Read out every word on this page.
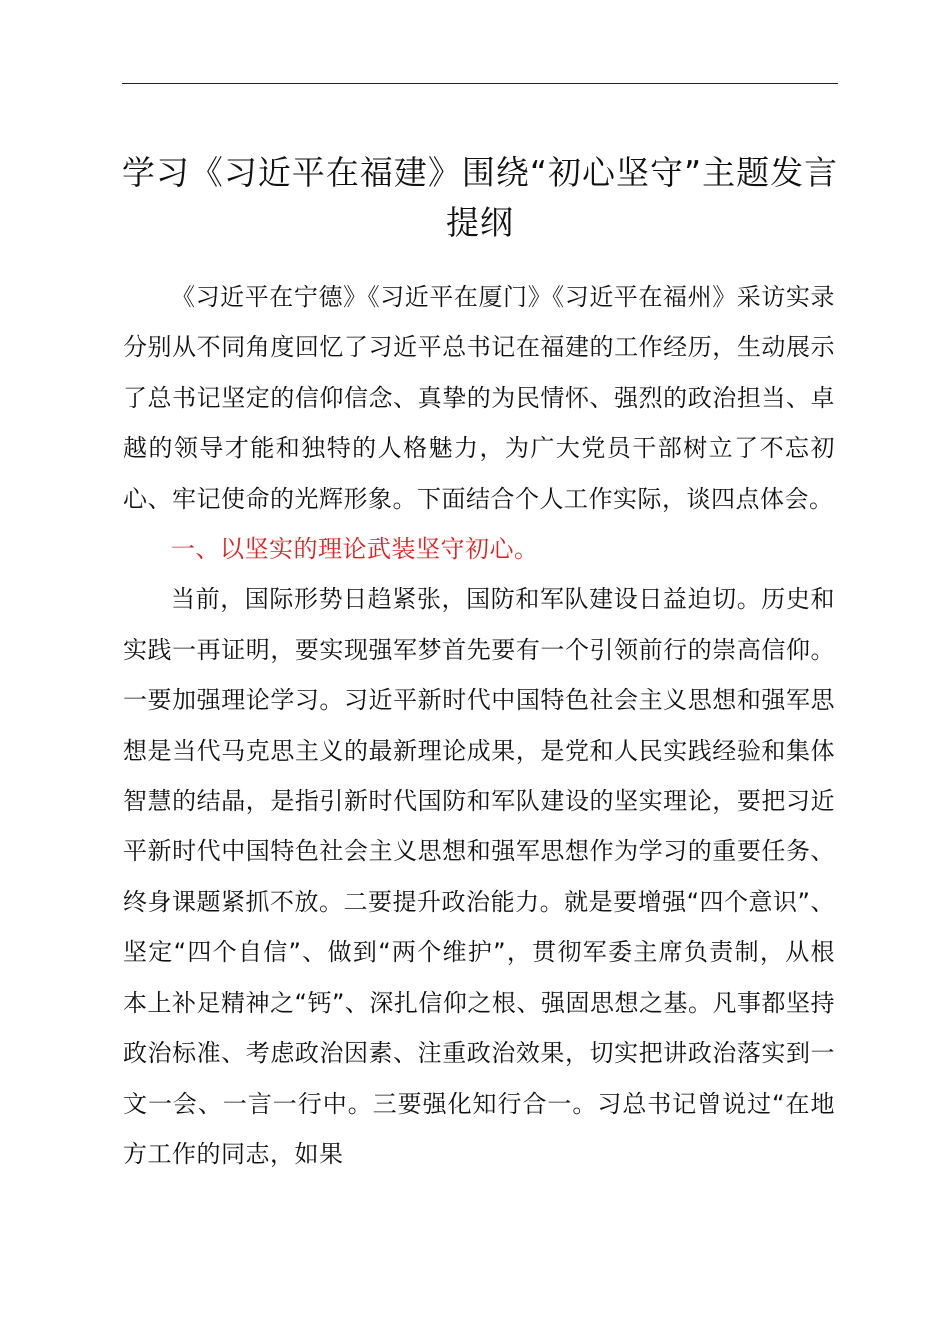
学习《习近平在福建》围绕“初心坚守”主题发言提纲

《习近平在宁德》《习近平在厦门》《习近平在福州》采访实录分别从不同角度回忆了习近平总书记在福建的工作经历，生动展示了总书记坚定的信仰信念、真挚的为民情怀、强烈的政治担当、卓越的领导才能和独特的人格魅力，为广大党员干部树立了不忘初心、牢记使命的光辉形象。下面结合个人工作实际，谈四点体会。

一、以坚实的理论武装坚守初心。

当前，国际形势日趋紧张，国防和军队建设日益迫切。历史和实践一再证明，要实现强军梦首先要有一个引领前行的崇高信仰。一要加强理论学习。习近平新时代中国特色社会主义思想和强军思想是当代马克思主义的最新理论成果，是党和人民实践经验和集体智慧的结晶，是指引新时代国防和军队建设的坚实理论，要把习近平新时代中国特色社会主义思想和强军思想作为学习的重要任务、终身课题紧抓不放。二要提升政治能力。就是要增强“四个意识”、坚定“四个自信”、做到“两个维护”，贯彻军委主席负责制，从根本上补足精神之“钙”、深扎信仰之根、强固思想之基。凡事都坚持政治标准、考虑政治因素、注重政治效果，切实把讲政治落实到一文一会、一言一行中。三要强化知行合一。习总书记曾说过“在地方工作的同志，如果
